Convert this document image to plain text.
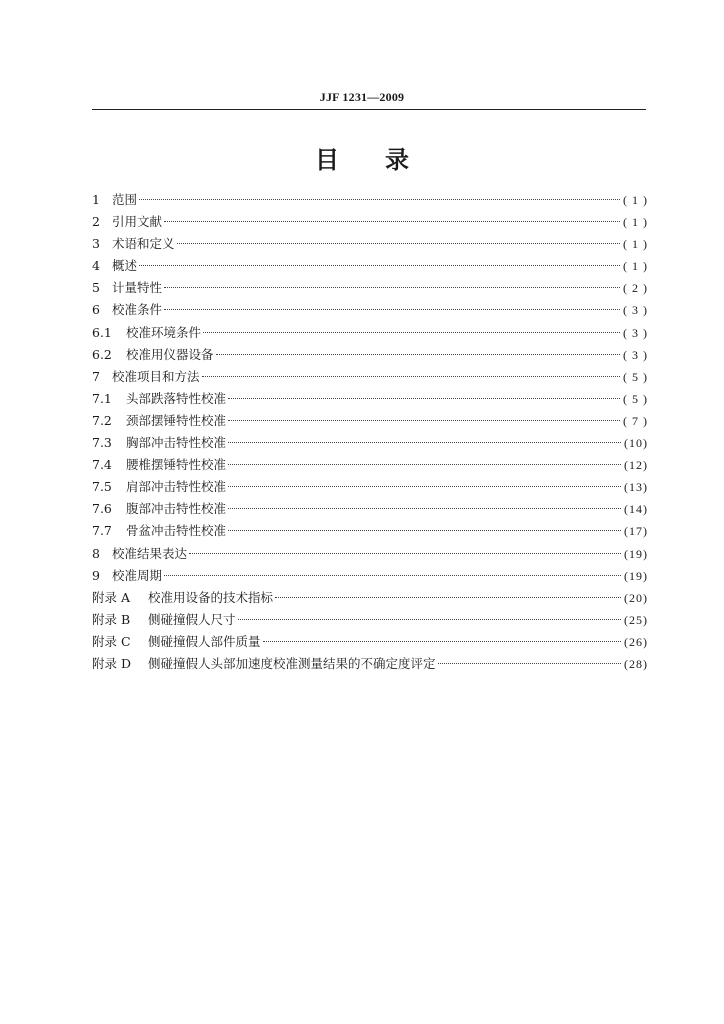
JJF 1231—2009
目 录
1 范围	( 1 )
2 引用文献	( 1 )
3 术语和定义	( 1 )
4 概述	( 1 )
5 计量特性	( 2 )
6 校准条件	( 3 )
6.1	校准环境条件	( 3 )
6.2	校准用仪器设备	( 3 )
7 校准项目和方法	( 5 )
7.1	头部跌落特性校准	( 5 )
7.2	颈部摆锤特性校准	( 7 )
7.3	胸部冲击特性校准	(10)
7.4	腰椎摆锤特性校准	(12)
7.5	肩部冲击特性校准	(13)
7.6	腹部冲击特性校准	(14)
7.7	骨盆冲击特性校准	(17)
8 校准结果表达	(19)
9 校准周期	(19)
附录 A	校准用设备的技术指标	(20)
附录 B	侧碰撞假人尺寸	(25)
附录 C	侧碰撞假人部件质量	(26)
附录 D	侧碰撞假人头部加速度校准测量结果的不确定度评定	(28)
